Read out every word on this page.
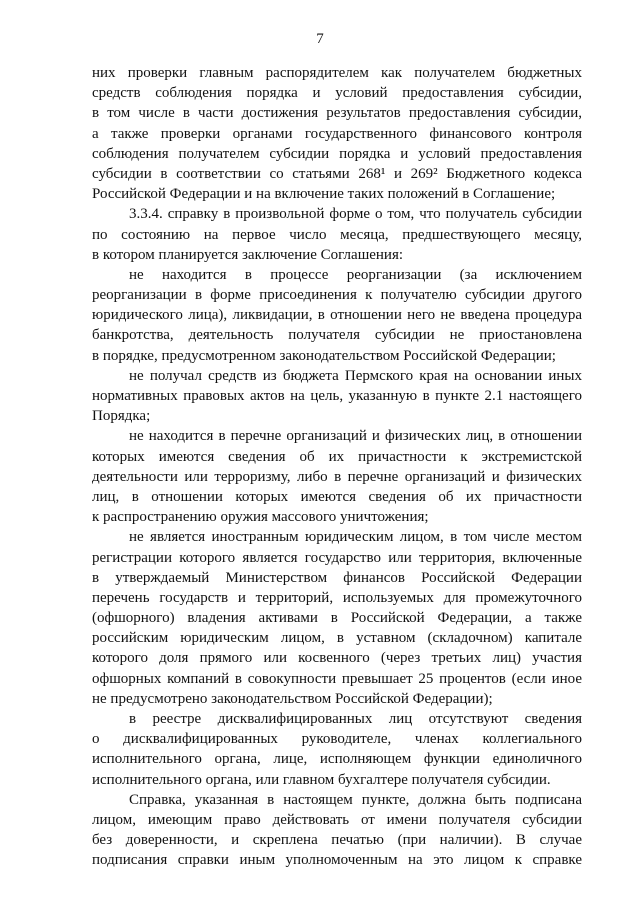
7
них проверки главным распорядителем как получателем бюджетных
средств соблюдения порядка и условий предоставления субсидии,
в том числе в части достижения результатов предоставления субсидии,
а также проверки органами государственного финансового контроля
соблюдения получателем субсидии порядка и условий предоставления
субсидии в соответствии со статьями 268¹ и 269² Бюджетного кодекса
Российской Федерации и на включение таких положений в Соглашение;
3.3.4. справку в произвольной форме о том, что получатель субсидии
по состоянию на первое число месяца, предшествующего месяцу,
в котором планируется заключение Соглашения:
не находится в процессе реорганизации (за исключением
реорганизации в форме присоединения к получателю субсидии другого
юридического лица), ликвидации, в отношении него не введена процедура
банкротства, деятельность получателя субсидии не приостановлена
в порядке, предусмотренном законодательством Российской Федерации;
не получал средств из бюджета Пермского края на основании иных
нормативных правовых актов на цель, указанную в пункте 2.1 настоящего
Порядка;
не находится в перечне организаций и физических лиц, в отношении
которых имеются сведения об их причастности к экстремистской
деятельности или терроризму, либо в перечне организаций и физических
лиц, в отношении которых имеются сведения об их причастности
к распространению оружия массового уничтожения;
не является иностранным юридическим лицом, в том числе местом
регистрации которого является государство или территория, включенные
в утверждаемый Министерством финансов Российской Федерации
перечень государств и территорий, используемых для промежуточного
(офшорного) владения активами в Российской Федерации, а также
российским юридическим лицом, в уставном (складочном) капитале
которого доля прямого или косвенного (через третьих лиц) участия
офшорных компаний в совокупности превышает 25 процентов (если иное
не предусмотрено законодательством Российской Федерации);
в реестре дисквалифицированных лиц отсутствуют сведения
о дисквалифицированных руководителе, членах коллегиального
исполнительного органа, лице, исполняющем функции единоличного
исполнительного органа, или главном бухгалтере получателя субсидии.
Справка, указанная в настоящем пункте, должна быть подписана
лицом, имеющим право действовать от имени получателя субсидии
без доверенности, и скреплена печатью (при наличии). В случае
подписания справки иным уполномоченным на это лицом к справке
